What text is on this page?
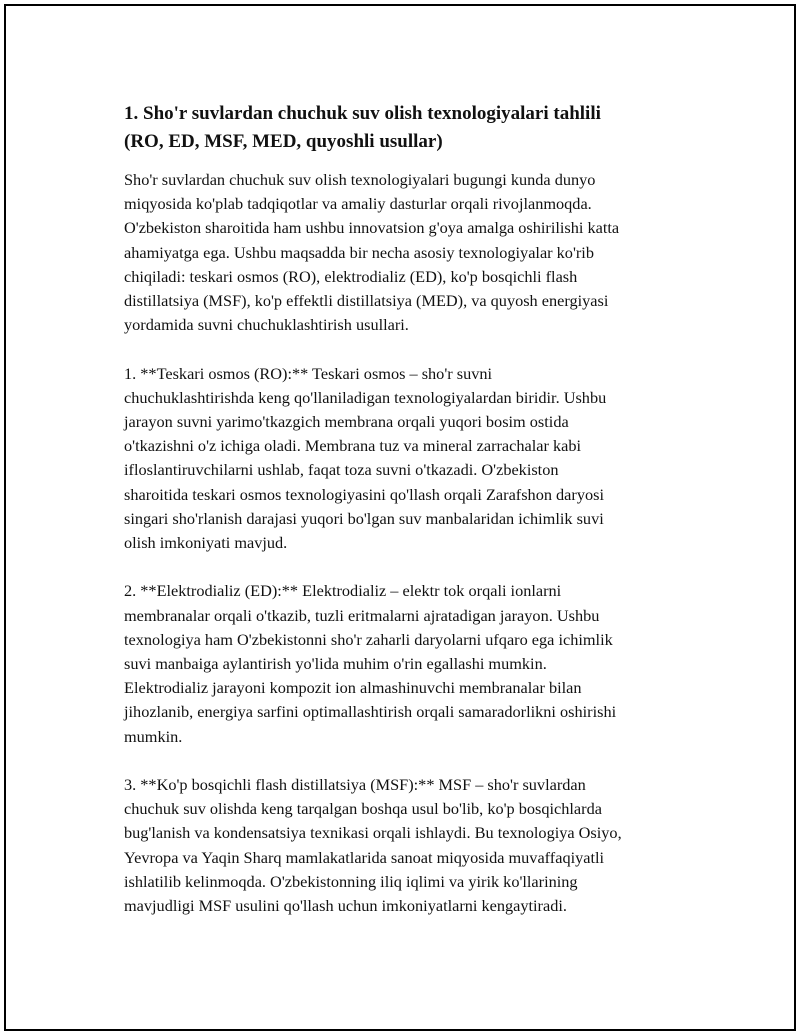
1. Sho'r suvlardan chuchuk suv olish texnologiyalari tahlili
(RO, ED, MSF, MED, quyoshli usullar)
Sho'r suvlardan chuchuk suv olish texnologiyalari bugungi kunda dunyo
miqyosida ko'plab tadqiqotlar va amaliy dasturlar orqali rivojlanmoqda.
O'zbekiston sharoitida ham ushbu innovatsion g'oya amalga oshirilishi katta
ahamiyatga ega. Ushbu maqsadda bir necha asosiy texnologiyalar ko'rib
chiqiladi: teskari osmos (RO), elektrodializ (ED), ko'p bosqichli flash
distillatsiya (MSF), ko'p effektli distillatsiya (MED), va quyosh energiyasi
yordamida suvni chuchuklashtirish usullari.
1. **Teskari osmos (RO):** Teskari osmos – sho'r suvni
chuchuklashtirishda keng qo'llaniladigan texnologiyalardan biridir. Ushbu
jarayon suvni yarimo'tkazgich membrana orqali yuqori bosim ostida
o'tkazishni o'z ichiga oladi. Membrana tuz va mineral zarrachalar kabi
ifloslantiruvchilarni ushlab, faqat toza suvni o'tkazadi. O'zbekiston
sharoitida teskari osmos texnologiyasini qo'llash orqali Zarafshon daryosi
singari sho'rlanish darajasi yuqori bo'lgan suv manbalaridan ichimlik suvi
olish imkoniyati mavjud.
2. **Elektrodializ (ED):** Elektrodializ – elektr tok orqali ionlarni
membranalar orqali o'tkazib, tuzli eritmalarni ajratadigan jarayon. Ushbu
texnologiya ham O'zbekistonni sho'r zaharli daryolarni ufqaro ega ichimlik
suvi manbaiga aylantirish yo'lida muhim o'rin egallashi mumkin.
Elektrodializ jarayoni kompozit ion almashinuvchi membranalar bilan
jihozlanib, energiya sarfini optimallashtirish orqali samaradorlikni oshirishi
mumkin.
3. **Ko'p bosqichli flash distillatsiya (MSF):** MSF – sho'r suvlardan
chuchuk suv olishda keng tarqalgan boshqa usul bo'lib, ko'p bosqichlarda
bug'lanish va kondensatsiya texnikasi orqali ishlaydi. Bu texnologiya Osiyo,
Yevropa va Yaqin Sharq mamlakatlarida sanoat miqyosida muvaffaqiyatli
ishlatilib kelinmoqda. O'zbekistonning iliq iqlimi va yirik ko'llarining
mavjudligi MSF usulini qo'llash uchun imkoniyatlarni kengaytiradi.
